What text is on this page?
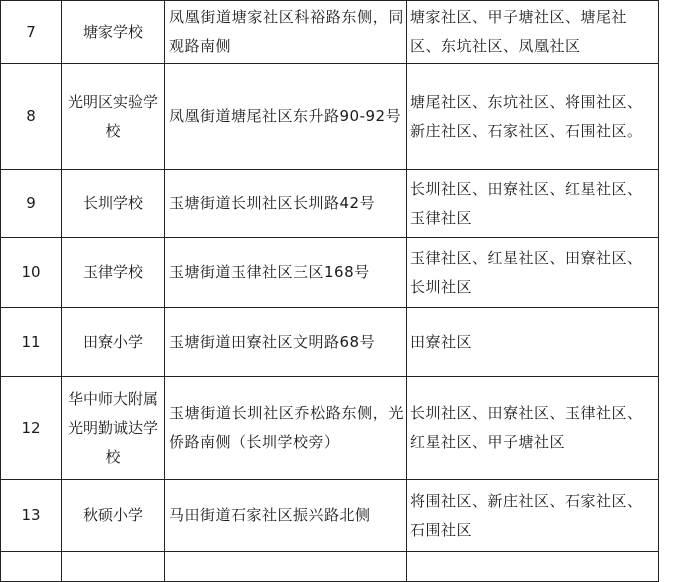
7	塘家学校	凤凰街道塘家社区科裕路东侧，同观路南侧	塘家社区、甲子塘社区、塘尾社区、东坑社区、凤凰社区
8	光明区实验学校	凤凰街道塘尾社区东升路90-92号	塘尾社区、东坑社区、将围社区、新庄社区、石家社区、石围社区。
9	长圳学校	玉塘街道长圳社区长圳路42号	长圳社区、田寮社区、红星社区、玉律社区
10	玉律学校	玉塘街道玉律社区三区168号	玉律社区、红星社区、田寮社区、长圳社区
11	田寮小学	玉塘街道田寮社区文明路68号	田寮社区
12	华中师大附属光明勤诚达学校	玉塘街道长圳社区乔松路东侧，光侨路南侧（长圳学校旁）	长圳社区、田寮社区、玉律社区、红星社区、甲子塘社区
13	秋硕小学	马田街道石家社区振兴路北侧	将围社区、新庄社区、石家社区、石围社区
